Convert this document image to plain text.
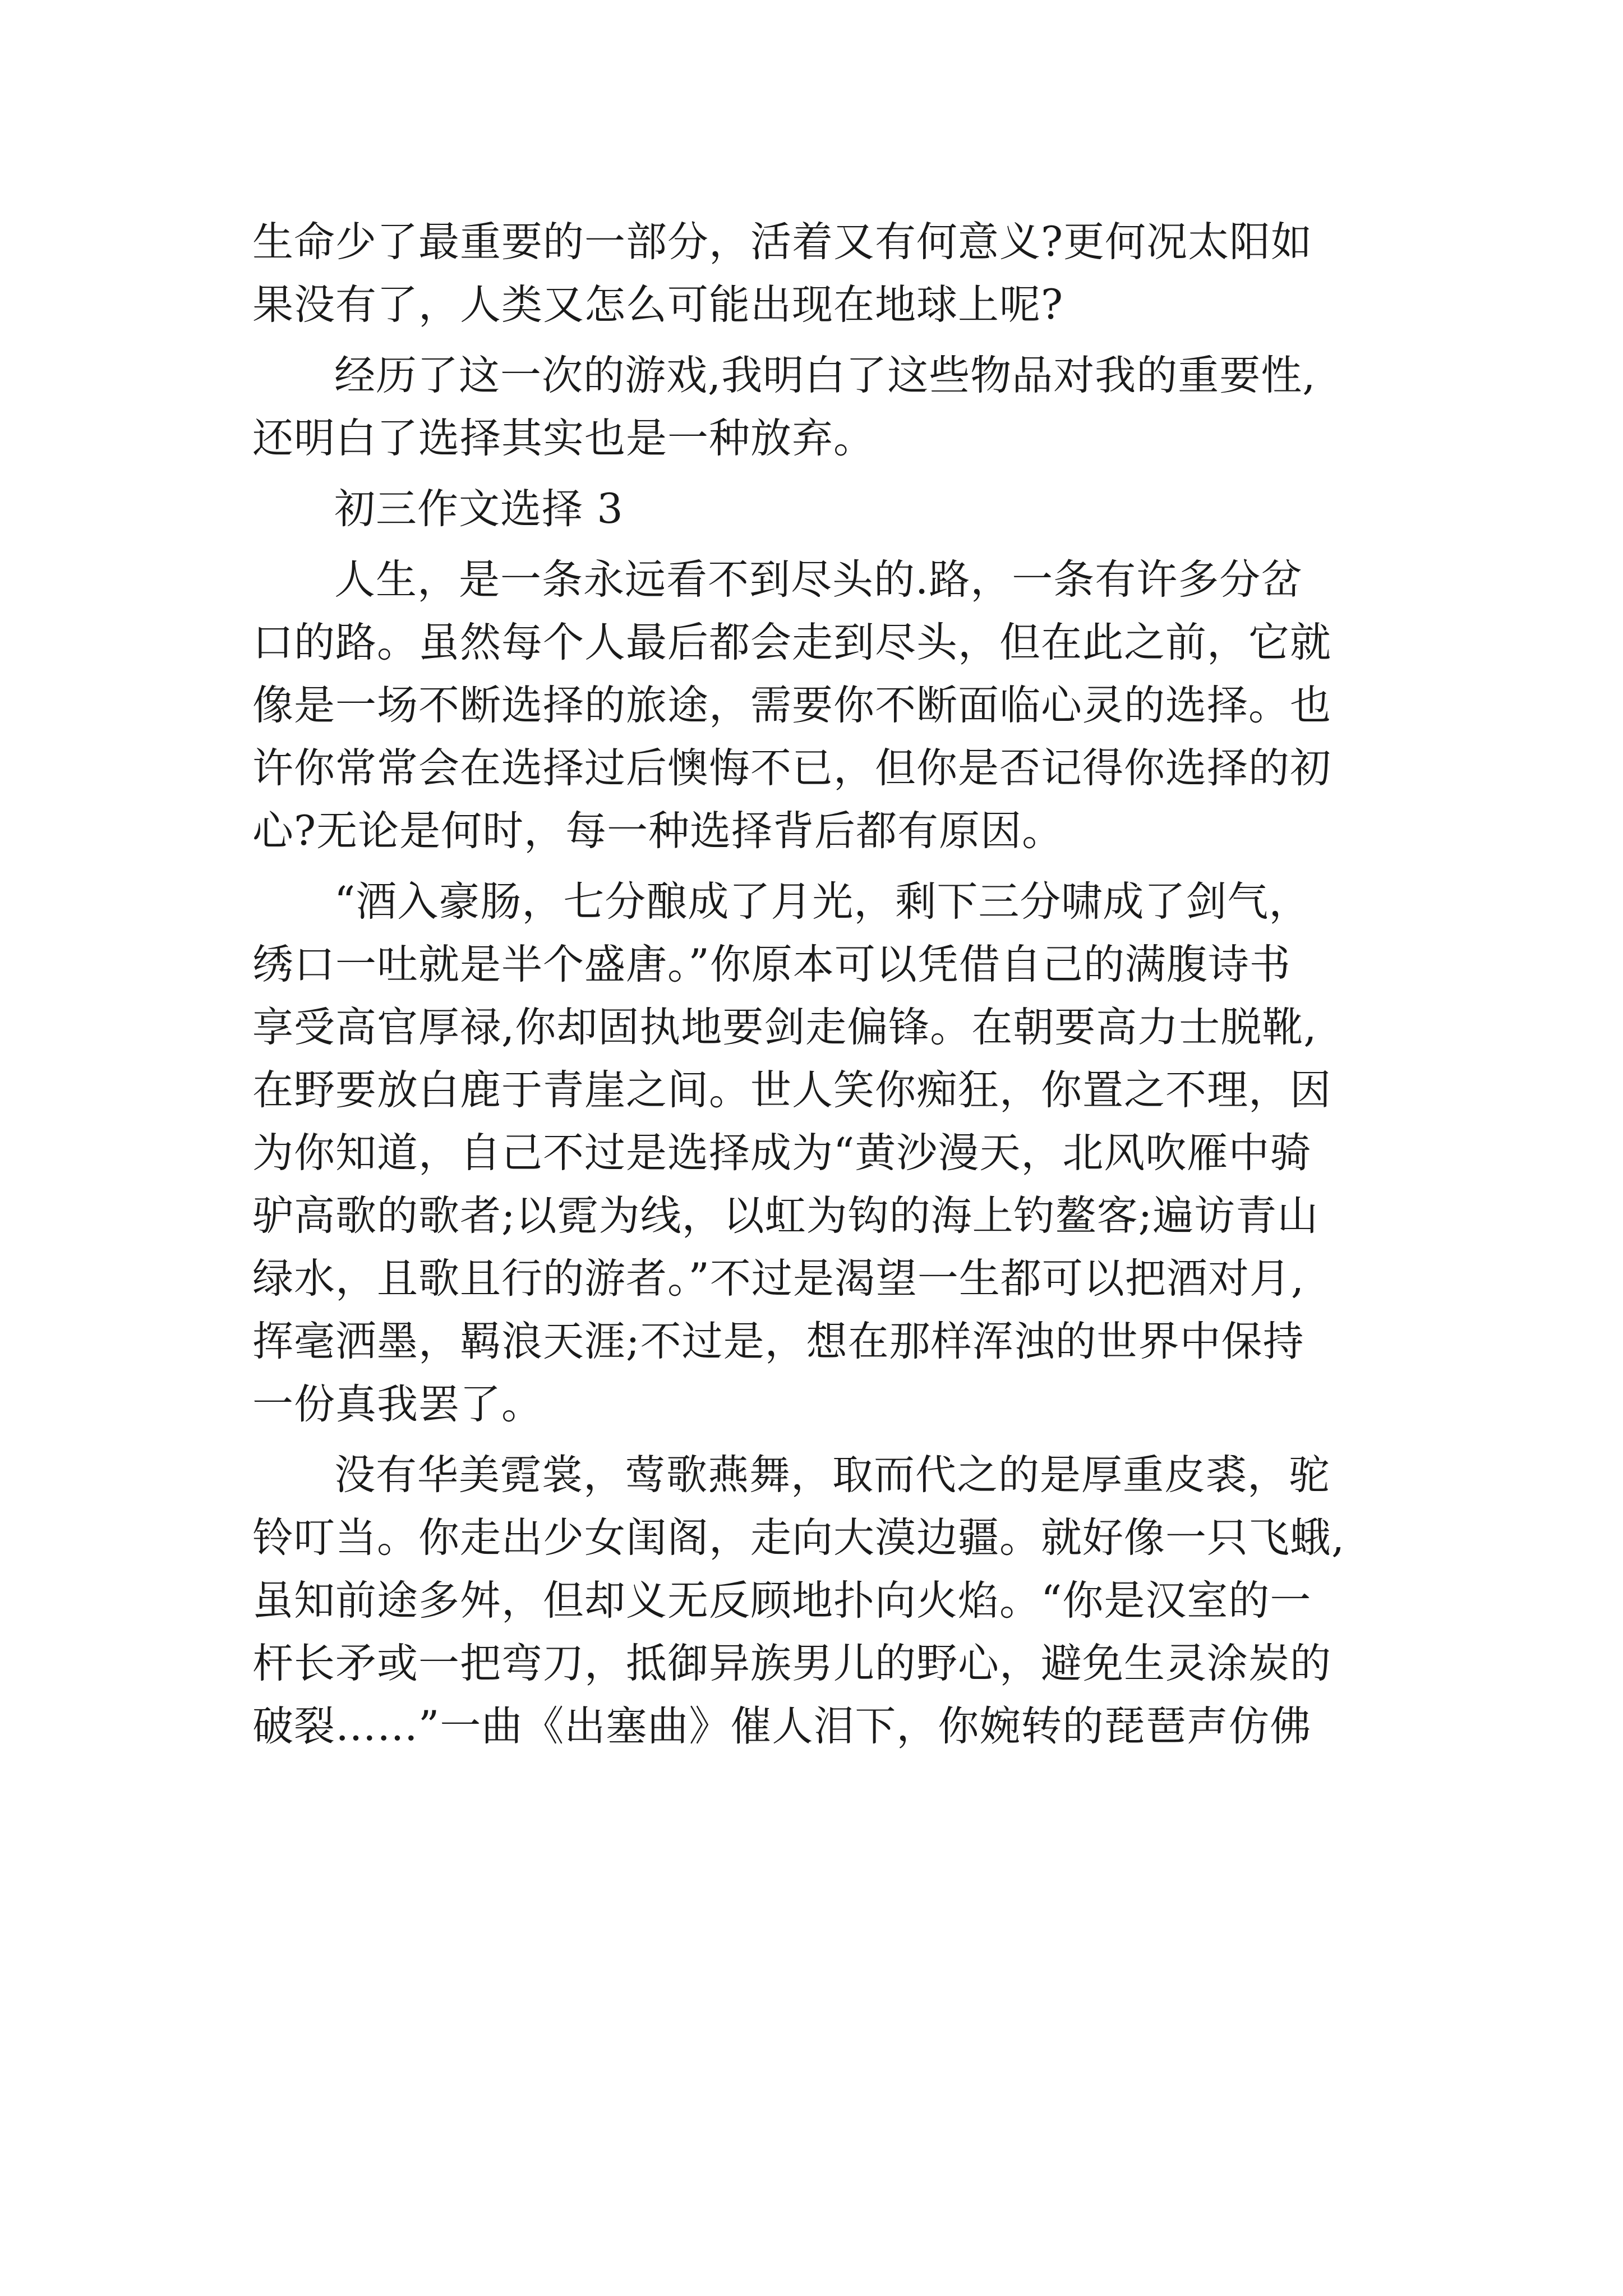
生命少了最重要的一部分，活着又有何意义?更何况太阳如
果没有了，人类又怎么可能出现在地球上呢?
经历了这一次的游戏,我明白了这些物品对我的重要性,
还明白了选择其实也是一种放弃。
初三作文选择 3
人生，是一条永远看不到尽头的.路，一条有许多分岔
口的路。虽然每个人最后都会走到尽头，但在此之前，它就
像是一场不断选择的旅途，需要你不断面临心灵的选择。也
许你常常会在选择过后懊悔不已，但你是否记得你选择的初
心?无论是何时，每一种选择背后都有原因。
“酒入豪肠，七分酿成了月光，剩下三分啸成了剑气，
绣口一吐就是半个盛唐。”你原本可以凭借自己的满腹诗书
享受高官厚禄,你却固执地要剑走偏锋。在朝要高力士脱靴,
在野要放白鹿于青崖之间。世人笑你痴狂，你置之不理，因
为你知道，自己不过是选择成为“黄沙漫天，北风吹雁中骑
驴高歌的歌者;以霓为线，以虹为钩的海上钓鳌客;遍访青山
绿水，且歌且行的游者。”不过是渴望一生都可以把酒对月,
挥毫洒墨，羁浪天涯;不过是，想在那样浑浊的世界中保持
一份真我罢了。
没有华美霓裳，莺歌燕舞，取而代之的是厚重皮裘，驼
铃叮当。你走出少女闺阁，走向大漠边疆。就好像一只飞蛾,
虽知前途多舛，但却义无反顾地扑向火焰。“你是汉室的一
杆长矛或一把弯刀，抵御异族男儿的野心，避免生灵涂炭的
破裂……”一曲《出塞曲》催人泪下，你婉转的琵琶声仿佛
